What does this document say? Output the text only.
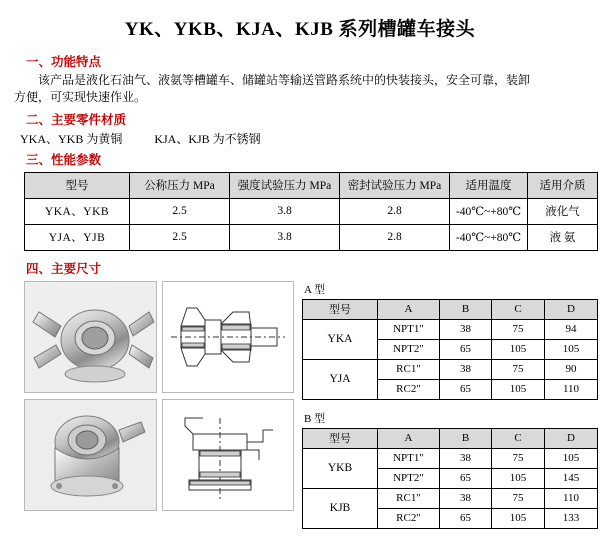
YK、YKB、KJA、KJB 系列槽罐车接头
一、功能特点
该产品是液化石油气、液氨等槽罐车、储罐站等输送管路系统中的快装接头，安全可靠，装卸
方便，可实现快速作业。
二、主要零件材质
YKA、YKB 为黄铜	KJA、KJB 为不锈钢
三、性能参数
型号	公称压力 MPa	强度试验压力 MPa	密封试验压力 MPa	适用温度	适用介质
YKA、YKB	2.5	3.8	2.8	-40℃~+80℃	液化气
YJA、YJB	2.5	3.8	2.8	-40℃~+80℃	液 氨
四、主要尺寸
A 型
型号	A	B	C	D
YKA	NPT1"	38	75	94
	NPT2"	65	105	105
YJA	RC1"	38	75	90
	RC2"	65	105	110
B 型
型号	A	B	C	D
YKB	NPT1"	38	75	105
	NPT2"	65	105	145
KJB	RC1"	38	75	110
	RC2"	65	105	133
